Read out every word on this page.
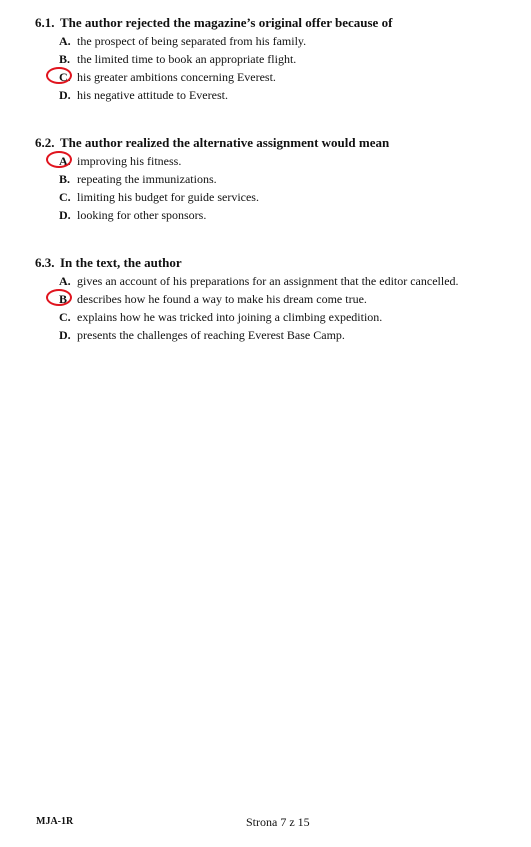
6.1. The author rejected the magazine’s original offer because of
A. the prospect of being separated from his family.
B. the limited time to book an appropriate flight.
C. his greater ambitions concerning Everest.
D. his negative attitude to Everest.
6.2. The author realized the alternative assignment would mean
A. improving his fitness.
B. repeating the immunizations.
C. limiting his budget for guide services.
D. looking for other sponsors.
6.3. In the text, the author
A. gives an account of his preparations for an assignment that the editor cancelled.
B. describes how he found a way to make his dream come true.
C. explains how he was tricked into joining a climbing expedition.
D. presents the challenges of reaching Everest Base Camp.
MJA-1R	Strona 7 z 15
